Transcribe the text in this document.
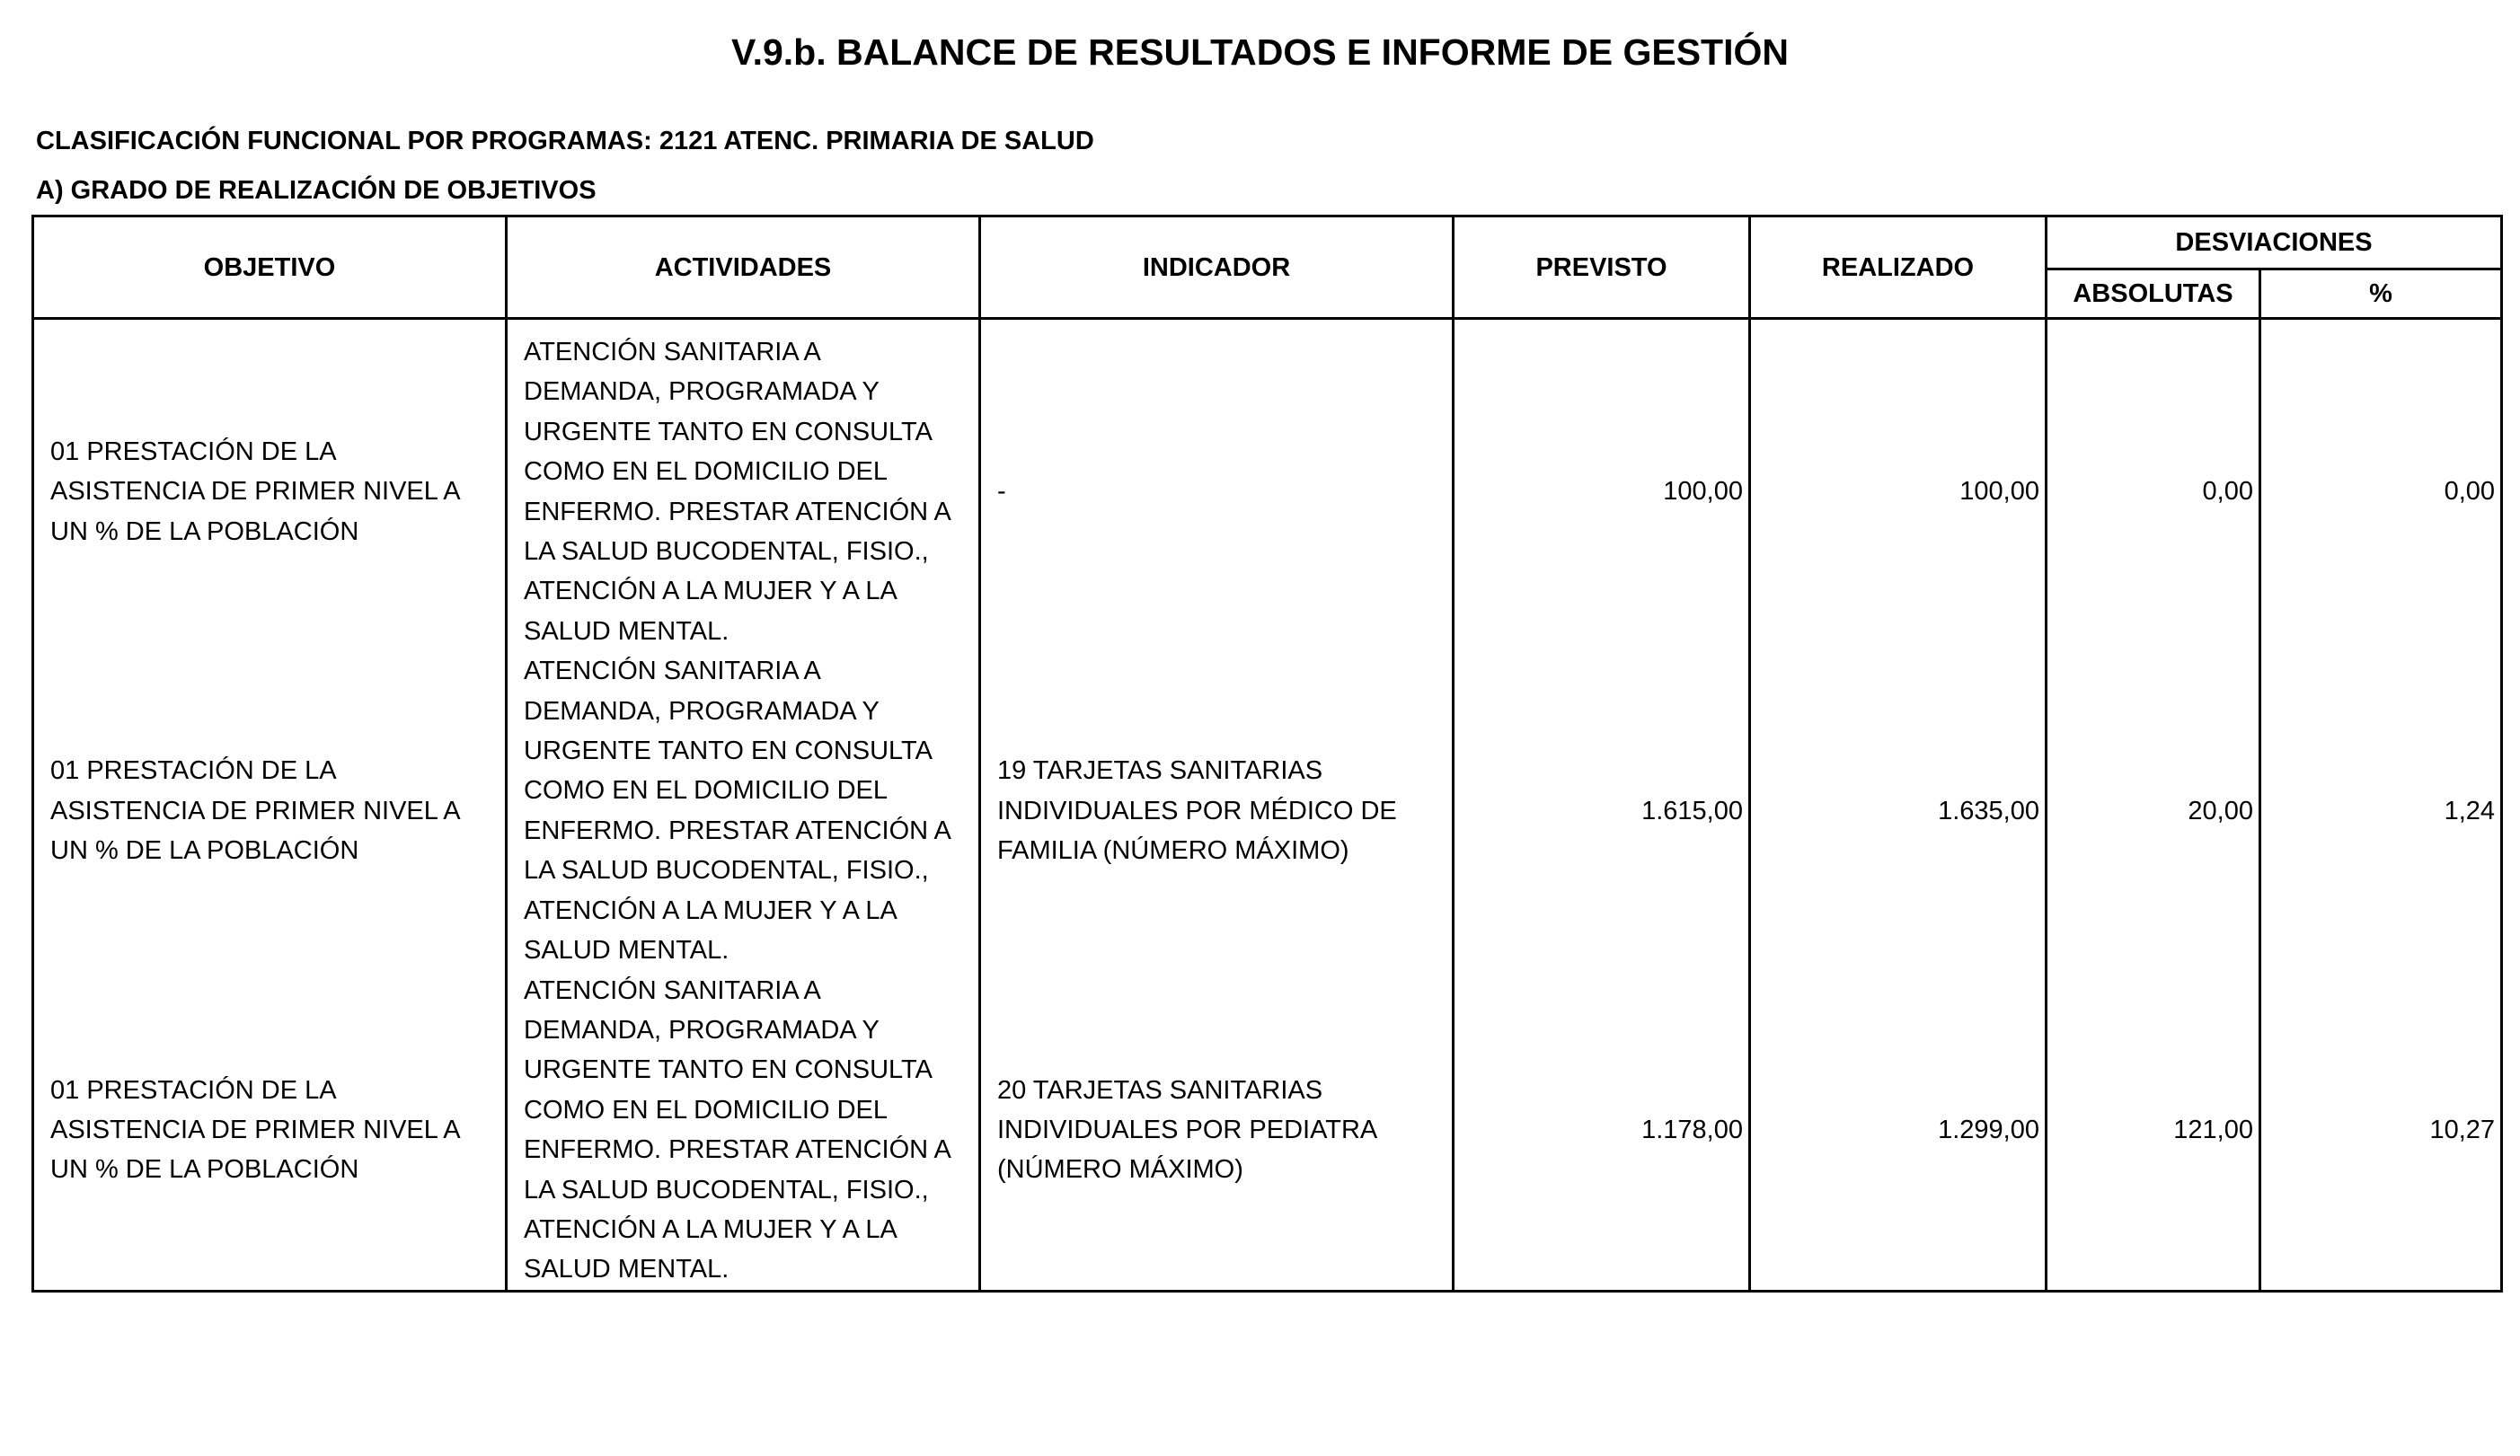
V.9.b. BALANCE DE RESULTADOS E INFORME DE GESTIÓN
CLASIFICACIÓN FUNCIONAL POR PROGRAMAS: 2121 ATENC. PRIMARIA DE SALUD
A) GRADO DE REALIZACIÓN DE OBJETIVOS
OBJETIVO	ACTIVIDADES	INDICADOR	PREVISTO	REALIZADO	DESVIACIONES	
					ABSOLUTAS	%

01 PRESTACIÓN DE LA ASISTENCIA DE PRIMER NIVEL A UN % DE LA POBLACIÓN	ATENCIÓN SANITARIA A DEMANDA, PROGRAMADA Y URGENTE TANTO EN CONSULTA COMO EN EL DOMICILIO DEL ENFERMO. PRESTAR ATENCIÓN A LA SALUD BUCODENTAL, FISIO., ATENCIÓN A LA MUJER Y A LA SALUD MENTAL.	-	100,00	100,00	0,00	0,00

01 PRESTACIÓN DE LA ASISTENCIA DE PRIMER NIVEL A UN % DE LA POBLACIÓN	ATENCIÓN SANITARIA A DEMANDA, PROGRAMADA Y URGENTE TANTO EN CONSULTA COMO EN EL DOMICILIO DEL ENFERMO. PRESTAR ATENCIÓN A LA SALUD BUCODENTAL, FISIO., ATENCIÓN A LA MUJER Y A LA SALUD MENTAL.	19 TARJETAS SANITARIAS INDIVIDUALES POR MÉDICO DE FAMILIA (NÚMERO MÁXIMO)	1.615,00	1.635,00	20,00	1,24

01 PRESTACIÓN DE LA ASISTENCIA DE PRIMER NIVEL A UN % DE LA POBLACIÓN	ATENCIÓN SANITARIA A DEMANDA, PROGRAMADA Y URGENTE TANTO EN CONSULTA COMO EN EL DOMICILIO DEL ENFERMO. PRESTAR ATENCIÓN A LA SALUD BUCODENTAL, FISIO., ATENCIÓN A LA MUJER Y A LA SALUD MENTAL.	20 TARJETAS SANITARIAS INDIVIDUALES POR PEDIATRA (NÚMERO MÁXIMO)	1.178,00	1.299,00	121,00	10,27
